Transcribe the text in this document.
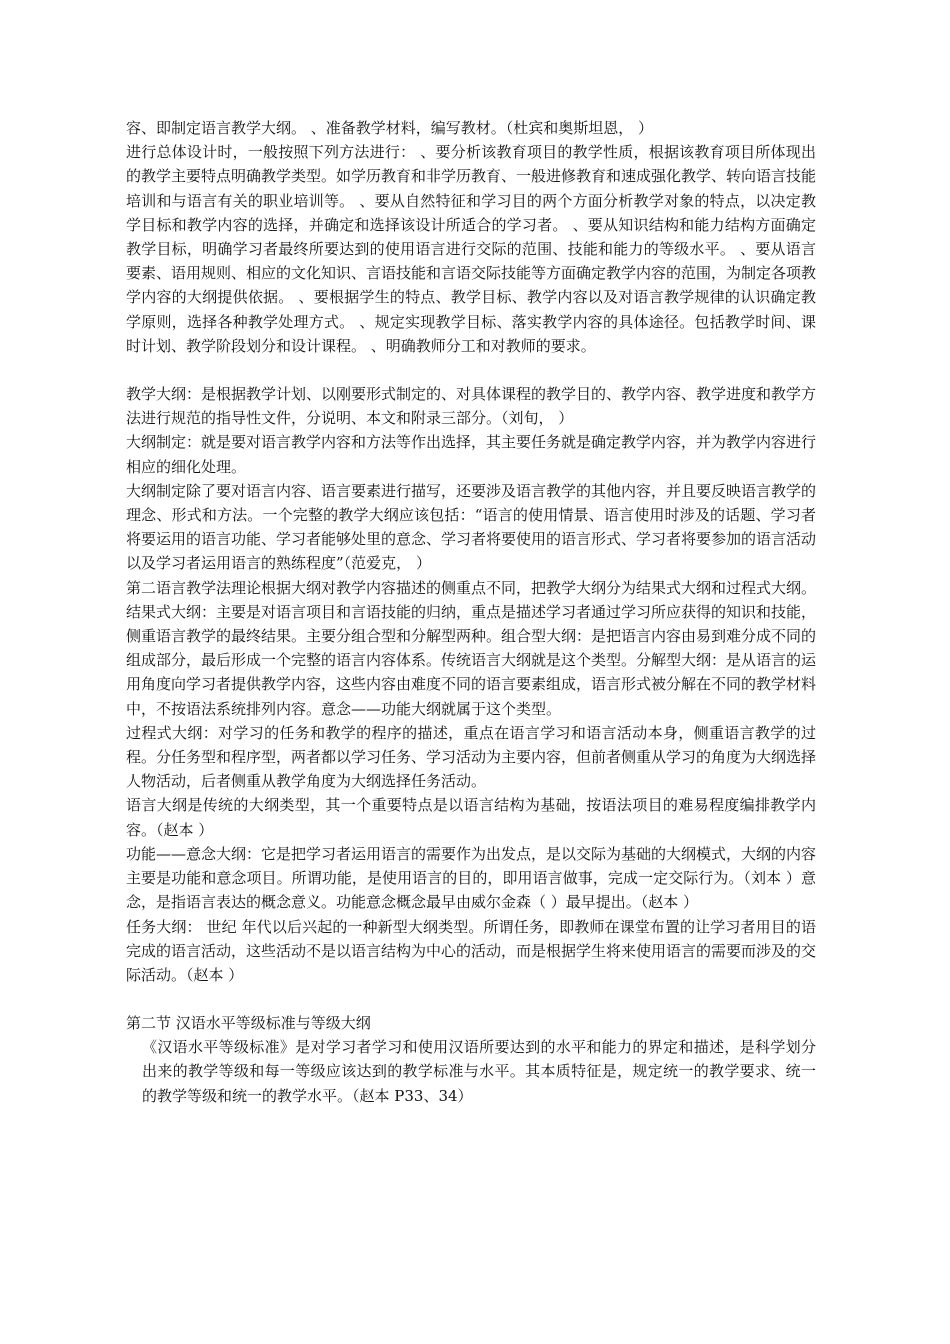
容、即制定语言教学大纲。 、准备教学材料，编写教材。（杜宾和奥斯坦恩， ）

进行总体设计时，一般按照下列方法进行： 、要分析该教育项目的教学性质，根据该教育项目所体现出的教学主要特点明确教学类型。如学历教育和非学历教育、一般进修教育和速成强化教学、转向语言技能培训和与语言有关的职业培训等。 、要从自然特征和学习目的两个方面分析教学对象的特点，以决定教学目标和教学内容的选择，并确定和选择该设计所适合的学习者。 、要从知识结构和能力结构方面确定教学目标，明确学习者最终所要达到的使用语言进行交际的范围、技能和能力的等级水平。 、要从语言要素、语用规则、相应的文化知识、言语技能和言语交际技能等方面确定教学内容的范围，为制定各项教学内容的大纲提供依据。 、要根据学生的特点、教学目标、教学内容以及对语言教学规律的认识确定教学原则，选择各种教学处理方式。 、规定实现教学目标、落实教学内容的具体途径。包括教学时间、课时计划、教学阶段划分和设计课程。 、明确教师分工和对教师的要求。

教学大纲：是根据教学计划、以刚要形式制定的、对具体课程的教学目的、教学内容、教学进度和教学方法进行规范的指导性文件，分说明、本文和附录三部分。（刘旬， ）

大纲制定：就是要对语言教学内容和方法等作出选择，其主要任务就是确定教学内容，并为教学内容进行相应的细化处理。

大纲制定除了要对语言内容、语言要素进行描写，还要涉及语言教学的其他内容，并且要反映语言教学的理念、形式和方法。一个完整的教学大纲应该包括：“语言的使用情景、语言使用时涉及的话题、学习者将要运用的语言功能、学习者能够处里的意念、学习者将要使用的语言形式、学习者将要参加的语言活动以及学习者运用语言的熟练程度”（范爱克， ）

第二语言教学法理论根据大纲对教学内容描述的侧重点不同，把教学大纲分为结果式大纲和过程式大纲。结果式大纲：主要是对语言项目和言语技能的归纳，重点是描述学习者通过学习所应获得的知识和技能，侧重语言教学的最终结果。主要分组合型和分解型两种。组合型大纲：是把语言内容由易到难分成不同的组成部分，最后形成一个完整的语言内容体系。传统语言大纲就是这个类型。分解型大纲：是从语言的运用角度向学习者提供教学内容，这些内容由难度不同的语言要素组成，语言形式被分解在不同的教学材料中，不按语法系统排列内容。意念——功能大纲就属于这个类型。

过程式大纲：对学习的任务和教学的程序的描述，重点在语言学习和语言活动本身，侧重语言教学的过程。分任务型和程序型，两者都以学习任务、学习活动为主要内容，但前者侧重从学习的角度为大纲选择人物活动，后者侧重从教学角度为大纲选择任务活动。

语言大纲是传统的大纲类型，其一个重要特点是以语言结构为基础，按语法项目的难易程度编排教学内容。（赵本 ）

功能——意念大纲：它是把学习者运用语言的需要作为出发点，是以交际为基础的大纲模式，大纲的内容主要是功能和意念项目。所谓功能，是使用语言的目的，即用语言做事，完成一定交际行为。（刘本 ）意念，是指语言表达的概念意义。功能意念概念最早由威尔金森（ ）最早提出。（赵本 ）

任务大纲： 世纪 年代以后兴起的一种新型大纲类型。所谓任务，即教师在课堂布置的让学习者用目的语完成的语言活动，这些活动不是以语言结构为中心的活动，而是根据学生将来使用语言的需要而涉及的交际活动。（赵本 ）

第二节 汉语水平等级标准与等级大纲

《汉语水平等级标准》是对学习者学习和使用汉语所要达到的水平和能力的界定和描述，是科学划分出来的教学等级和每一等级应该达到的教学标准与水平。其本质特征是，规定统一的教学要求、统一的教学等级和统一的教学水平。（赵本 P33、34）
